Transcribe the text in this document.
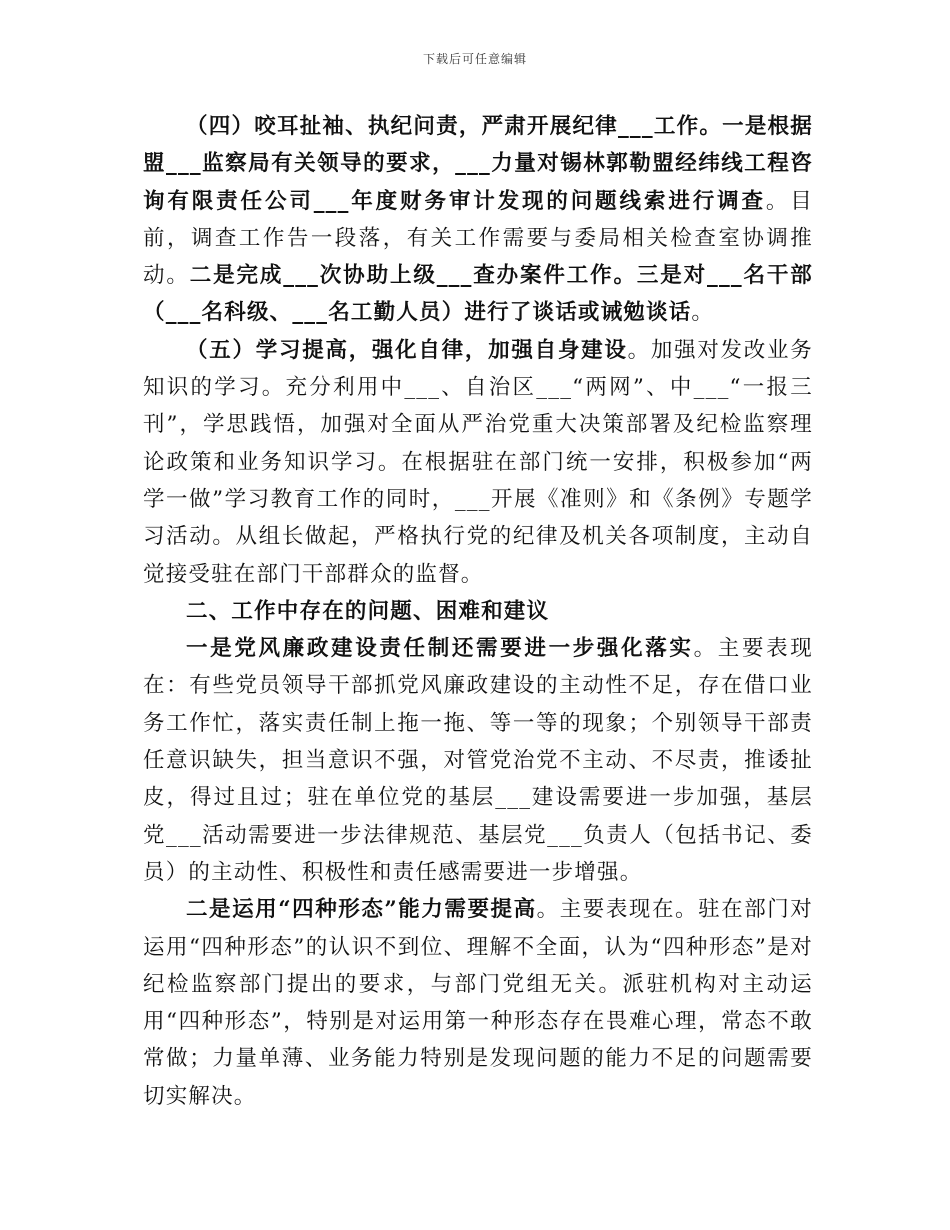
下载后可任意编辑

（四）咬耳扯袖、执纪问责，严肃开展纪律___工作。一是根据盟___监察局有关领导的要求，___力量对锡林郭勒盟经纬线工程咨询有限责任公司___年度财务审计发现的问题线索进行调查。目前，调查工作告一段落，有关工作需要与委局相关检查室协调推动。二是完成___次协助上级___查办案件工作。三是对___名干部（___名科级、___名工勤人员）进行了谈话或诫勉谈话。

（五）学习提高，强化自律，加强自身建设。加强对发改业务知识的学习。充分利用中___、自治区___“两网”、中___“一报三刊”，学思践悟，加强对全面从严治党重大决策部署及纪检监察理论政策和业务知识学习。在根据驻在部门统一安排，积极参加“两学一做”学习教育工作的同时，___开展《准则》和《条例》专题学习活动。从组长做起，严格执行党的纪律及机关各项制度，主动自觉接受驻在部门干部群众的监督。

二、工作中存在的问题、困难和建议

一是党风廉政建设责任制还需要进一步强化落实。主要表现在：有些党员领导干部抓党风廉政建设的主动性不足，存在借口业务工作忙，落实责任制上拖一拖、等一等的现象；个别领导干部责任意识缺失，担当意识不强，对管党治党不主动、不尽责，推诿扯皮，得过且过；驻在单位党的基层___建设需要进一步加强，基层党___活动需要进一步法律规范、基层党___负责人（包括书记、委员）的主动性、积极性和责任感需要进一步增强。

二是运用“四种形态”能力需要提高。主要表现在。驻在部门对运用“四种形态”的认识不到位、理解不全面，认为“四种形态”是对纪检监察部门提出的要求，与部门党组无关。派驻机构对主动运用“四种形态”，特别是对运用第一种形态存在畏难心理，常态不敢常做；力量单薄、业务能力特别是发现问题的能力不足的问题需要切实解决。
